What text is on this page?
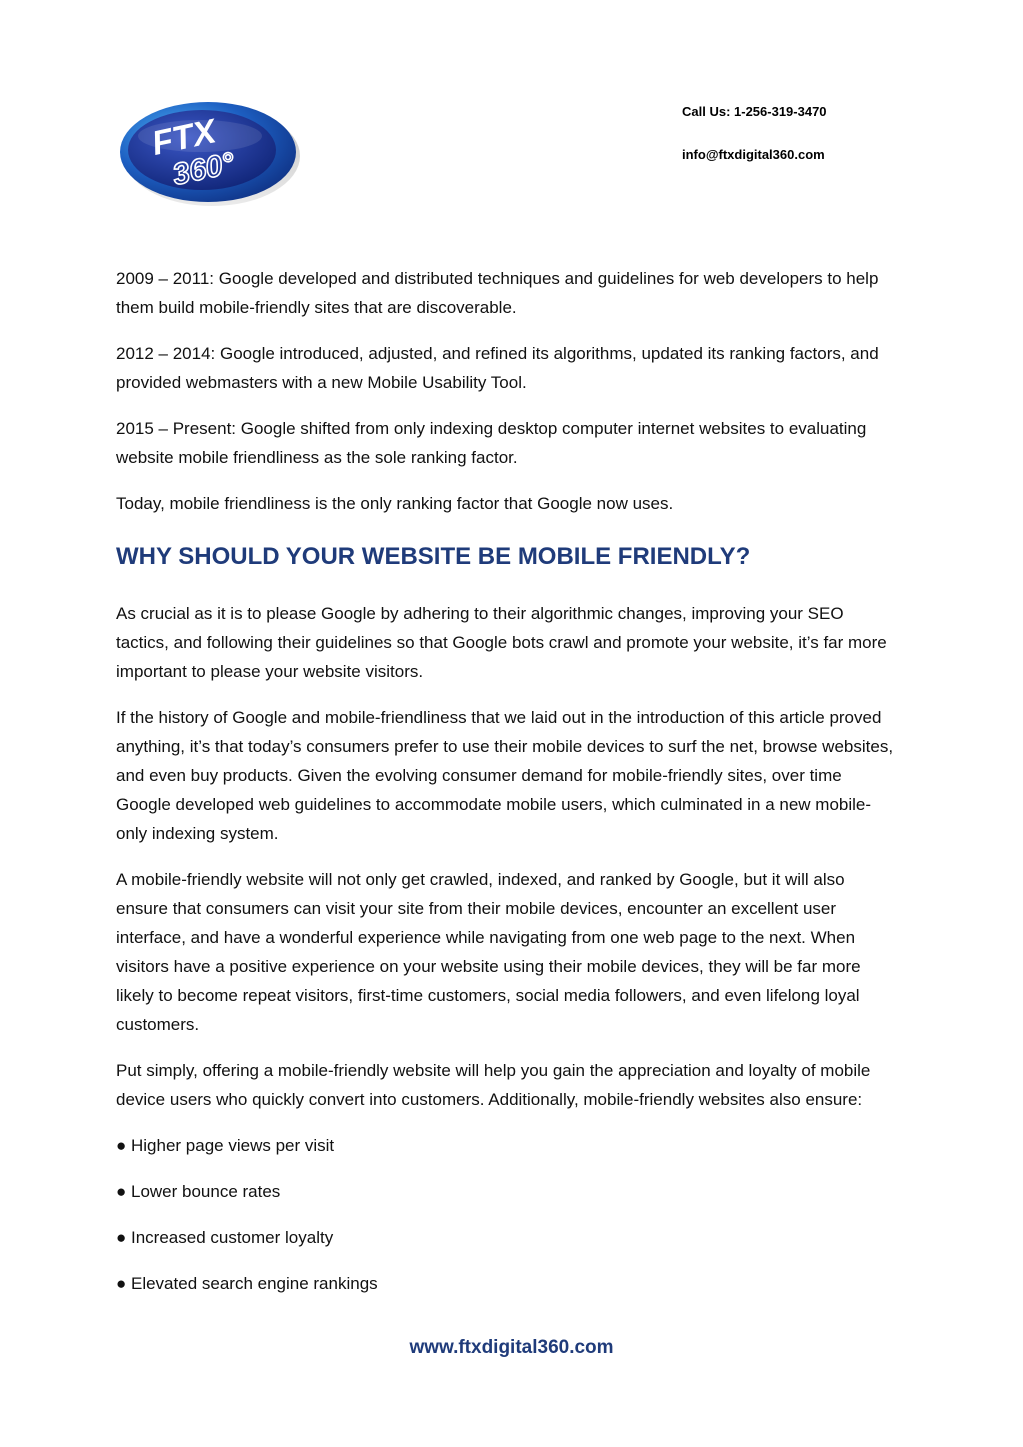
FTX
360°
Call Us: 1-256-319-3470
info@ftxdigital360.com

2009 – 2011: Google developed and distributed techniques and guidelines for web developers to help them build mobile-friendly sites that are discoverable.

2012 – 2014: Google introduced, adjusted, and refined its algorithms, updated its ranking factors, and provided webmasters with a new Mobile Usability Tool.

2015 – Present: Google shifted from only indexing desktop computer internet websites to evaluating website mobile friendliness as the sole ranking factor.

Today, mobile friendliness is the only ranking factor that Google now uses.

WHY SHOULD YOUR WEBSITE BE MOBILE FRIENDLY?

As crucial as it is to please Google by adhering to their algorithmic changes, improving your SEO tactics, and following their guidelines so that Google bots crawl and promote your website, it’s far more important to please your website visitors.

If the history of Google and mobile-friendliness that we laid out in the introduction of this article proved anything, it’s that today’s consumers prefer to use their mobile devices to surf the net, browse websites, and even buy products. Given the evolving consumer demand for mobile-friendly sites, over time Google developed web guidelines to accommodate mobile users, which culminated in a new mobile-only indexing system.

A mobile-friendly website will not only get crawled, indexed, and ranked by Google, but it will also ensure that consumers can visit your site from their mobile devices, encounter an excellent user interface, and have a wonderful experience while navigating from one web page to the next. When visitors have a positive experience on your website using their mobile devices, they will be far more likely to become repeat visitors, first-time customers, social media followers, and even lifelong loyal customers.

Put simply, offering a mobile-friendly website will help you gain the appreciation and loyalty of mobile device users who quickly convert into customers. Additionally, mobile-friendly websites also ensure:

● Higher page views per visit
● Lower bounce rates
● Increased customer loyalty
● Elevated search engine rankings
www.ftxdigital360.com
